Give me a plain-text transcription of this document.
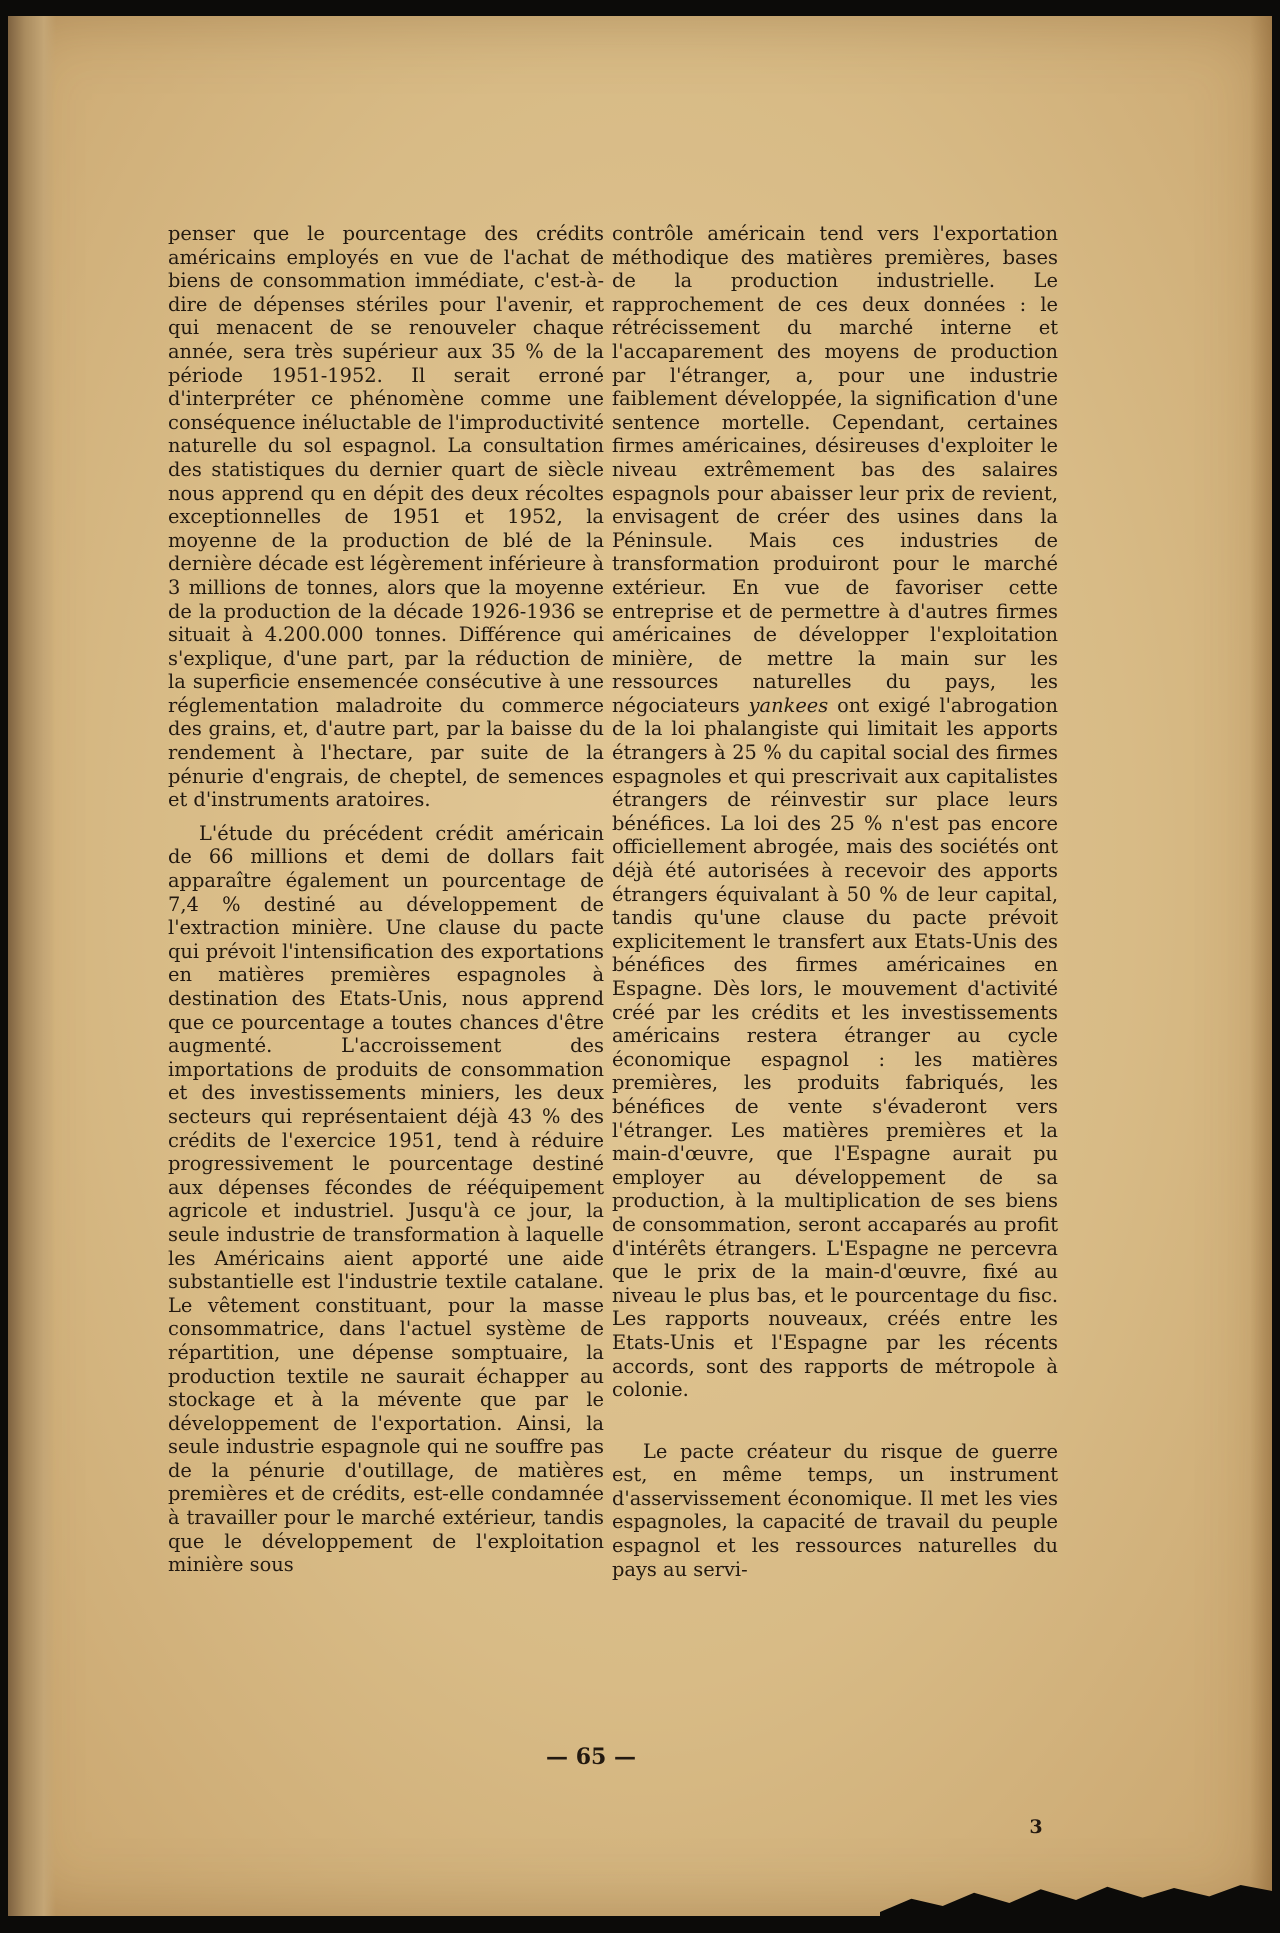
penser que le pourcentage des crédits américains employés en vue de l'achat de biens de consommation immédiate, c'est-à-dire de dépenses stériles pour l'avenir, et qui menacent de se renouveler chaque année, sera très supérieur aux 35 % de la période 1951-1952. Il serait erroné d'interpréter ce phénomène comme une conséquence inéluctable de l'improductivité naturelle du sol espagnol. La consultation des statistiques du dernier quart de siècle nous apprend qu en dépit des deux récoltes exceptionnelles de 1951 et 1952, la moyenne de la production de blé de la dernière décade est légèrement inférieure à 3 millions de tonnes, alors que la moyenne de la production de la décade 1926-1936 se situait à 4.200.000 tonnes. Différence qui s'explique, d'une part, par la réduction de la superficie ensemencée consécutive à une réglementation maladroite du commerce des grains, et, d'autre part, par la baisse du rendement à l'hectare, par suite de la pénurie d'engrais, de cheptel, de semences et d'instruments aratoires.

L'étude du précédent crédit américain de 66 millions et demi de dollars fait apparaître également un pourcentage de 7,4 % destiné au développement de l'extraction minière. Une clause du pacte qui prévoit l'intensification des exportations en matières premières espagnoles à destination des Etats-Unis, nous apprend que ce pourcentage a toutes chances d'être augmenté. L'accroissement des importations de produits de consommation et des investissements miniers, les deux secteurs qui représentaient déjà 43 % des crédits de l'exercice 1951, tend à réduire progressivement le pourcentage destiné aux dépenses fécondes de rééquipement agricole et industriel. Jusqu'à ce jour, la seule industrie de transformation à laquelle les Américains aient apporté une aide substantielle est l'industrie textile catalane. Le vêtement constituant, pour la masse consommatrice, dans l'actuel système de répartition, une dépense somptuaire, la production textile ne saurait échapper au stockage et à la mévente que par le développement de l'exportation. Ainsi, la seule industrie espagnole qui ne souffre pas de la pénurie d'outillage, de matières premières et de crédits, est-elle condamnée à travailler pour le marché extérieur, tandis que le développement de l'exploitation minière sous

contrôle américain tend vers l'exportation méthodique des matières premières, bases de la production industrielle. Le rapprochement de ces deux données : le rétrécissement du marché interne et l'accaparement des moyens de production par l'étranger, a, pour une industrie faiblement développée, la signification d'une sentence mortelle. Cependant, certaines firmes américaines, désireuses d'exploiter le niveau extrêmement bas des salaires espagnols pour abaisser leur prix de revient, envisagent de créer des usines dans la Péninsule. Mais ces industries de transformation produiront pour le marché extérieur. En vue de favoriser cette entreprise et de permettre à d'autres firmes américaines de développer l'exploitation minière, de mettre la main sur les ressources naturelles du pays, les négociateurs yankees ont exigé l'abrogation de la loi phalangiste qui limitait les apports étrangers à 25 % du capital social des firmes espagnoles et qui prescrivait aux capitalistes étrangers de réinvestir sur place leurs bénéfices. La loi des 25 % n'est pas encore officiellement abrogée, mais des sociétés ont déjà été autorisées à recevoir des apports étrangers équivalant à 50 % de leur capital, tandis qu'une clause du pacte prévoit explicitement le transfert aux Etats-Unis des bénéfices des firmes américaines en Espagne. Dès lors, le mouvement d'activité créé par les crédits et les investissements américains restera étranger au cycle économique espagnol : les matières premières, les produits fabriqués, les bénéfices de vente s'évaderont vers l'étranger. Les matières premières et la main-d'œuvre, que l'Espagne aurait pu employer au développement de sa production, à la multiplication de ses biens de consommation, seront accaparés au profit d'intérêts étrangers. L'Espagne ne percevra que le prix de la main-d'œuvre, fixé au niveau le plus bas, et le pourcentage du fisc. Les rapports nouveaux, créés entre les Etats-Unis et l'Espagne par les récents accords, sont des rapports de métropole à colonie.

Le pacte créateur du risque de guerre est, en même temps, un instrument d'asservissement économique. Il met les vies espagnoles, la capacité de travail du peuple espagnol et les ressources naturelles du pays au servi-

— 65 —
3
